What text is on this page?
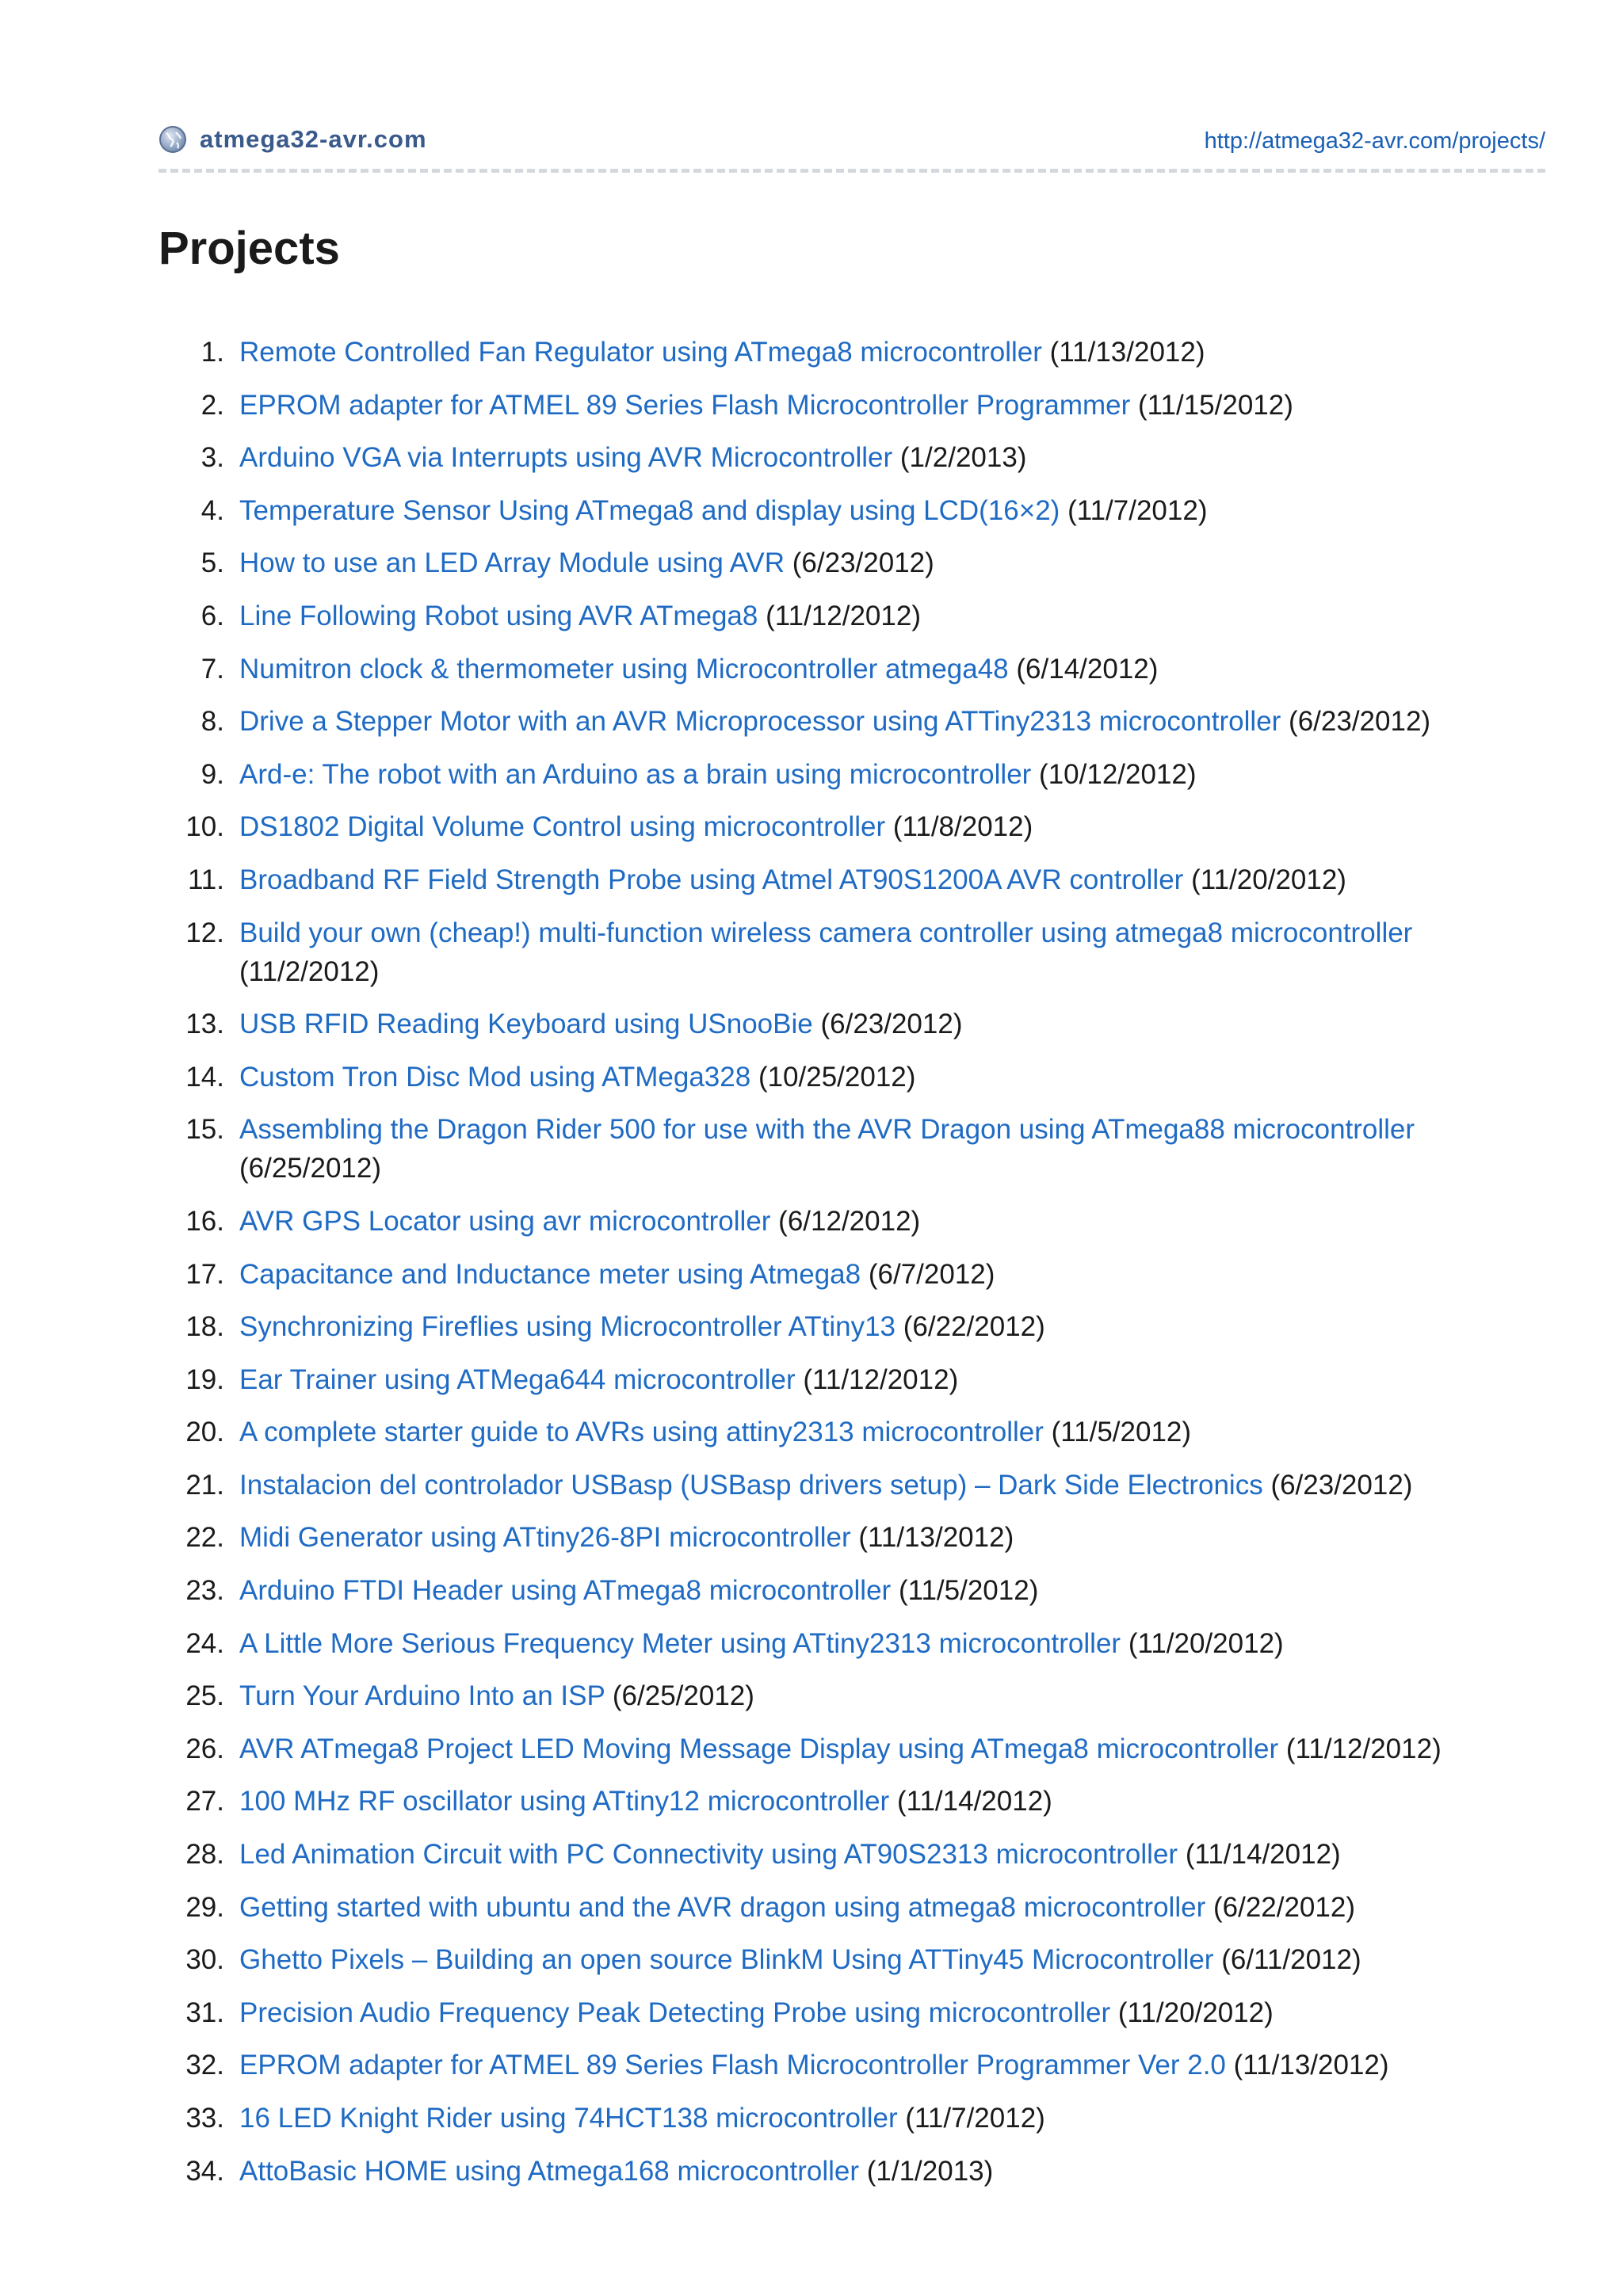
atmega32-avr.com	http://atmega32-avr.com/projects/
Projects
1. Remote Controlled Fan Regulator using ATmega8 microcontroller (11/13/2012)
2. EPROM adapter for ATMEL 89 Series Flash Microcontroller Programmer (11/15/2012)
3. Arduino VGA via Interrupts using AVR Microcontroller (1/2/2013)
4. Temperature Sensor Using ATmega8 and display using LCD(16×2) (11/7/2012)
5. How to use an LED Array Module using AVR (6/23/2012)
6. Line Following Robot using AVR ATmega8 (11/12/2012)
7. Numitron clock & thermometer using Microcontroller atmega48 (6/14/2012)
8. Drive a Stepper Motor with an AVR Microprocessor using ATTiny2313 microcontroller (6/23/2012)
9. Ard-e: The robot with an Arduino as a brain using microcontroller (10/12/2012)
10. DS1802 Digital Volume Control using microcontroller (11/8/2012)
11. Broadband RF Field Strength Probe using Atmel AT90S1200A AVR controller (11/20/2012)
12. Build your own (cheap!) multi-function wireless camera controller using atmega8 microcontroller (11/2/2012)
13. USB RFID Reading Keyboard using USnooBie (6/23/2012)
14. Custom Tron Disc Mod using ATMega328 (10/25/2012)
15. Assembling the Dragon Rider 500 for use with the AVR Dragon using ATmega88 microcontroller (6/25/2012)
16. AVR GPS Locator using avr microcontroller (6/12/2012)
17. Capacitance and Inductance meter using Atmega8 (6/7/2012)
18. Synchronizing Fireflies using Microcontroller ATtiny13 (6/22/2012)
19. Ear Trainer using ATMega644 microcontroller (11/12/2012)
20. A complete starter guide to AVRs using attiny2313 microcontroller (11/5/2012)
21. Instalacion del controlador USBasp (USBasp drivers setup) – Dark Side Electronics (6/23/2012)
22. Midi Generator using ATtiny26-8PI microcontroller (11/13/2012)
23. Arduino FTDI Header using ATmega8 microcontroller (11/5/2012)
24. A Little More Serious Frequency Meter using ATtiny2313 microcontroller (11/20/2012)
25. Turn Your Arduino Into an ISP (6/25/2012)
26. AVR ATmega8 Project LED Moving Message Display using ATmega8 microcontroller (11/12/2012)
27. 100 MHz RF oscillator using ATtiny12 microcontroller (11/14/2012)
28. Led Animation Circuit with PC Connectivity using AT90S2313 microcontroller (11/14/2012)
29. Getting started with ubuntu and the AVR dragon using atmega8 microcontroller (6/22/2012)
30. Ghetto Pixels – Building an open source BlinkM Using ATTiny45 Microcontroller (6/11/2012)
31. Precision Audio Frequency Peak Detecting Probe using microcontroller (11/20/2012)
32. EPROM adapter for ATMEL 89 Series Flash Microcontroller Programmer Ver 2.0 (11/13/2012)
33. 16 LED Knight Rider using 74HCT138 microcontroller (11/7/2012)
34. AttoBasic HOME using Atmega168 microcontroller (1/1/2013)
